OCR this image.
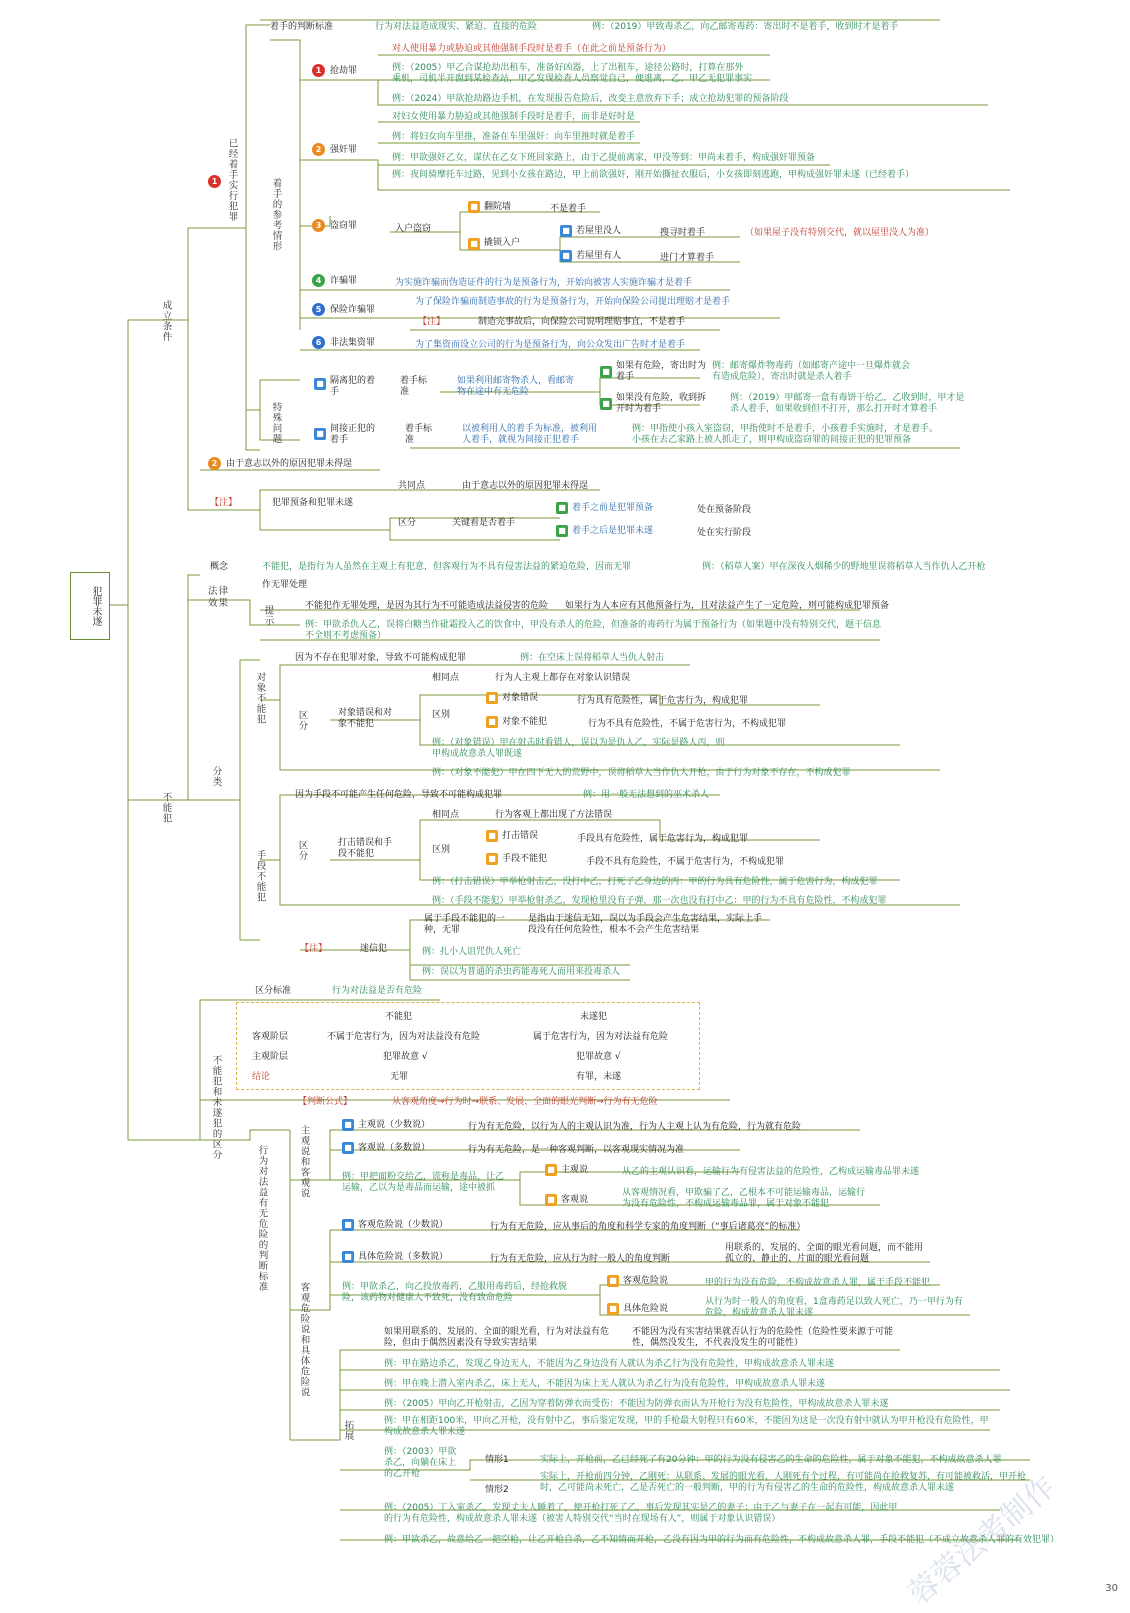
犯罪未遂
成立条件
1 已经着手实行犯罪
着手的判断标准	行为对法益造成现实、紧迫、直接的危险	例：（2019）甲致毒杀乙，向乙邮寄毒药：寄出时不是着手，收到时才是着手
着手的参考情形
1 抢劫罪
对人使用暴力或胁迫或其他强制手段时是着手（在此之前是预备行为）
例：（2005）甲乙合谋抢劫出租车，准备好凶器，上了出租车，途径公路时，打算在那外
乘机，司机半开窗到某检查站，甲乙发现检查人员察觉自己，便逃离，乙、甲乙无犯罪事实
例：（2024）甲欲抢劫路边手机，在发现报告危险后，改变主意放弃下手；成立抢劫犯罪的预备阶段
2 强奸罪
对妇女使用暴力胁迫或其他强制手段时是着手，而非是好时是
例：将妇女向车里推，准备在车里强奸：向车里推时就是着手
例：甲欲强奸乙女，谋伏在乙女下班回家路上，由于乙提前离家，甲没等到：甲尚未着手，构成强奸罪预备
例：夜间骑摩托车过路，见到小女孩在路边，甲上前欲强奸，刚开始撕扯衣服后，小女孩即刻逃跑，甲构成强奸罪未遂（已经着手）
3 盗窃罪	入户盗窃
■ 翻院墙	不是着手
■ 撬锁入户
■ 若屋里没人	搜寻时着手	（如果屋子没有特别交代，就以屋里没人为准）
■ 若屋里有人	进门才算着手
4 诈骗罪	为实施诈骗而伪造证件的行为是预备行为，开始向被害人实施诈骗才是着手
5 保险诈骗罪
为了保险诈骗而制造事故的行为是预备行为，开始向保险公司提出理赔才是着手
【注】	制造完事故后，向保险公司说明理赔事宜，不是着手
6 非法集资罪	为了集资而设立公司的行为是预备行为，向公众发出广告时才是着手
特殊问题
■ 隔离犯的着手
着手标准
如果利用邮寄物杀人，看邮寄物在途中有无危险
■
如果有危险，寄出时为着手
例：邮寄爆炸物毒药（如邮寄产途中一旦爆炸就会有造成危险），寄出时就是杀人着手
■
如果没有危险，收到拆开时为着手
例：（2019）甲邮寄一盒有毒饼干给乙，乙收到时，甲才是杀人着手，如果收到但不打开，那么打开时才算着手
■ 间接正犯的着手
着手标准
以被利用人的着手为标准，被利用人着手，就视为间接正犯着手
例：甲指使小孩入室盗窃，甲指使时不是着手，小孩着手实施时，才是着手。小孩在去乙家路上被人抓走了，则甲构成盗窃罪的间接正犯的犯罪预备
2 由于意志以外的原因犯罪未得逞
【注】	犯罪预备和犯罪未遂
共同点	由于意志以外的原因犯罪未得逞
区分	关键看是否着手
■ 着手之前是犯罪预备	处在预备阶段
■ 着手之后是犯罪未遂	处在实行阶段
不能犯
概念	不能犯，是指行为人虽然在主观上有犯意，但客观行为不具有侵害法益的紧迫危险，因而无罪	例：（稻草人案）甲在深夜人烟稀少的野地里误将稻草人当作仇人乙开枪
法律效果
作无罪处理
提示	不能犯作无罪处理，是因为其行为不可能造成法益侵害的危险 如果行为人本应有其他预备行为，且对法益产生了一定危险，则可能构成犯罪预备
例：甲欲杀仇人乙，误将白糖当作砒霜投入乙的饮食中，甲没有杀人的危险，但准备的毒药行为属于预备行为（如果题中没有特别交代，题干信息不全则不考虑预备）
分类
对象不能犯
因为不存在犯罪对象，导致不可能构成犯罪	例：在空床上误将稻草人当仇人射击
区分	对象错误和对象不能犯
相同点	行为人主观上都存在对象认识错误
区别
■ 对象错误	行为具有危险性，属于危害行为，构成犯罪
■ 对象不能犯	行为不具有危险性，不属于危害行为，不构成犯罪
例：（对象错误）甲在射击时看错人，误以为是仇人乙，实际是路人丙，则甲构成故意杀人罪既遂
例：（对象不能犯）甲在四下无人的荒野中，误将稻草人当作仇人开枪，由于行为对象不存在，不构成犯罪
手段不能犯
因为手段不可能产生任何危险，导致不可能构成犯罪	例：用一般无法想到的巫术杀人
区分	打击错误和手段不能犯
相同点	行为客观上都出现了方法错误
区别
■ 打击错误	手段具有危险性，属于危害行为，构成犯罪
■ 手段不能犯	手段不具有危险性，不属于危害行为，不构成犯罪
例：（打击错误）甲举枪射击乙，没打中乙，打死了乙身边的丙：甲的行为具有危险性，属于危害行为，构成犯罪
例：（手段不能犯）甲举枪射杀乙，发现枪里没有子弹，那一次也没有打中乙：甲的行为不具有危险性，不构成犯罪
【注】	迷信犯
属于手段不能犯的一种，无罪
是指由于迷信无知，误以为手段会产生危害结果，实际上手段没有任何危险性，根本不会产生危害结果
例：扎小人诅咒仇人死亡
例：误以为普通的杀虫药能毒死人而用来投毒杀人
不能犯和未遂犯的区分
区分标准	行为对法益是否有危险
不能犯	未遂犯
客观阶层	不属于危害行为，因为对法益没有危险	属于危害行为，因为对法益有危险
主观阶层	犯罪故意 √	犯罪故意 √
结论	无罪	有罪，未遂
【判断公式】	从客观角度→行为时→联系、发展、全面的眼光判断→行为有无危险
行为对法益有无危险的判断标准	主观说和客观说
■ 主观说（少数说）	行为有无危险，以行为人的主观认识为准，行为人主观上认为有危险，行为就有危险
■ 客观说（多数说）	行为有无危险，是一种客观判断，以客观现实情况为准
例：甲把面粉交给乙，谎称是毒品，让乙运输，乙以为是毒品而运输，途中被抓
■ 主观说	从乙的主观认识看，运输行为有侵害法益的危险性，乙构成运输毒品罪未遂
■ 客观说
从客观情况看，甲欺骗了乙，乙根本不可能运输毒品，运输行为没有危险性，不构成运输毒品罪，属于对象不能犯
客观危险说和具体危险说
■ 客观危险说（少数说）	行为有无危险，应从事后的角度和科学专家的角度判断（“事后诸葛亮”的标准）
■ 具体危险说（多数说）	行为有无危险，应从行为时一般人的角度判断
用联系的、发展的、全面的眼光看问题，而不能用孤立的、静止的、片面的眼光看问题
例：甲欲杀乙，向乙投放毒药，乙服用毒药后，经抢救脱险，该药物对健康人不致死，没有致命危险
■ 客观危险说	甲的行为没有危险，不构成故意杀人罪，属于手段不能犯
■ 具体危险说
从行为时一般人的角度看，1盒毒药足以致人死亡，乃一甲行为有危险，构成故意杀人罪未遂
拓展
如果用联系的、发展的、全面的眼光看，行为对法益有危险，但由于偶然因素没有导致实害结果
不能因为没有实害结果就否认行为的危险性（危险性要来源于可能性，偶然没发生，不代表没发生的可能性）
例：甲在路边杀乙，发现乙身边无人，不能因为乙身边没有人就认为杀乙行为没有危险性，甲构成故意杀人罪未遂
例：甲在晚上潜入室内杀乙，床上无人，不能因为床上无人就认为杀乙行为没有危险性，甲构成故意杀人罪未遂
例：（2005）甲向乙开枪射击，乙因为穿着防弹衣而受伤：不能因为防弹衣而认为开枪行为没有危险性，甲构成故意杀人罪未遂
例：甲在相距100米，甲向乙开枪，没有射中乙，事后鉴定发现，甲的手枪最大射程只有60米，不能因为这是一次没有射中就认为甲开枪没有危险性，甲构成故意杀人罪未遂
例：（2003）甲欲杀乙，向躺在床上的乙开枪
情形1	实际上，开枪前，乙已经死了有20分钟：甲的行为没有侵害乙的生命的危险性，属于对象不能犯，不构成故意杀人罪
情形2
实际上，开枪前四分钟，乙刚死：从联系、发展的眼光看，人刚死有个过程，有可能尚在抢救复苏，有可能被救活，甲开枪时，乙可能尚未死亡，乙是否死亡的一般判断，甲的行为有侵害乙的生命的危险性，构成故意杀人罪未遂
例：（2005）丁入室杀乙，发现丈夫人睡着了，便开枪打死了乙，事后发现其实是乙的妻子：由于乙与妻子在一起有可能，因此甲的行为有危险性，构成故意杀人罪未遂（被害人特别交代“当时在现场有人”，则属于对象认识错误）
例：甲欲杀乙，故意给乙一把空枪，让乙开枪自杀，乙不知情而开枪，乙没有因为甲的行为而有危险性，不构成故意杀人罪，手段不能犯（不成立故意杀人罪的有效犯罪）
蓉蓉法考制作	30
